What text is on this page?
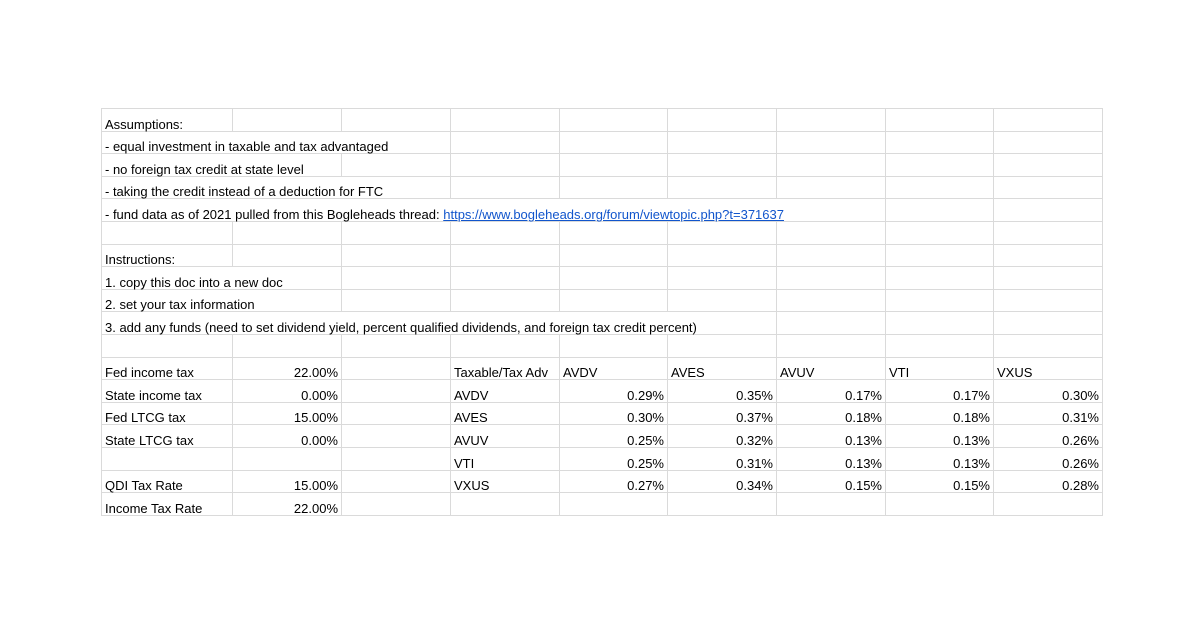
Assumptions:								
- equal investment in taxable and tax advantaged								
- no foreign tax credit at state level								
- taking the credit instead of a deduction for FTC								
- fund data as of 2021 pulled from this Bogleheads thread: https://www.bogleheads.org/forum/viewtopic.php?t=371637								

Instructions:								
1. copy this doc into a new doc								
2. set your tax information								
3. add any funds (need to set dividend yield, percent qualified dividends, and foreign tax credit percent)								

Fed income tax	22.00%		Taxable/Tax Adv	AVDV	AVES	AVUV	VTI	VXUS
State income tax	0.00%		AVDV	0.29%	0.35%	0.17%	0.17%	0.30%
Fed LTCG tax	15.00%		AVES	0.30%	0.37%	0.18%	0.18%	0.31%
State LTCG tax	0.00%		AVUV	0.25%	0.32%	0.13%	0.13%	0.26%
			VTI	0.25%	0.31%	0.13%	0.13%	0.26%
QDI Tax Rate	15.00%		VXUS	0.27%	0.34%	0.15%	0.15%	0.28%
Income Tax Rate	22.00%							
